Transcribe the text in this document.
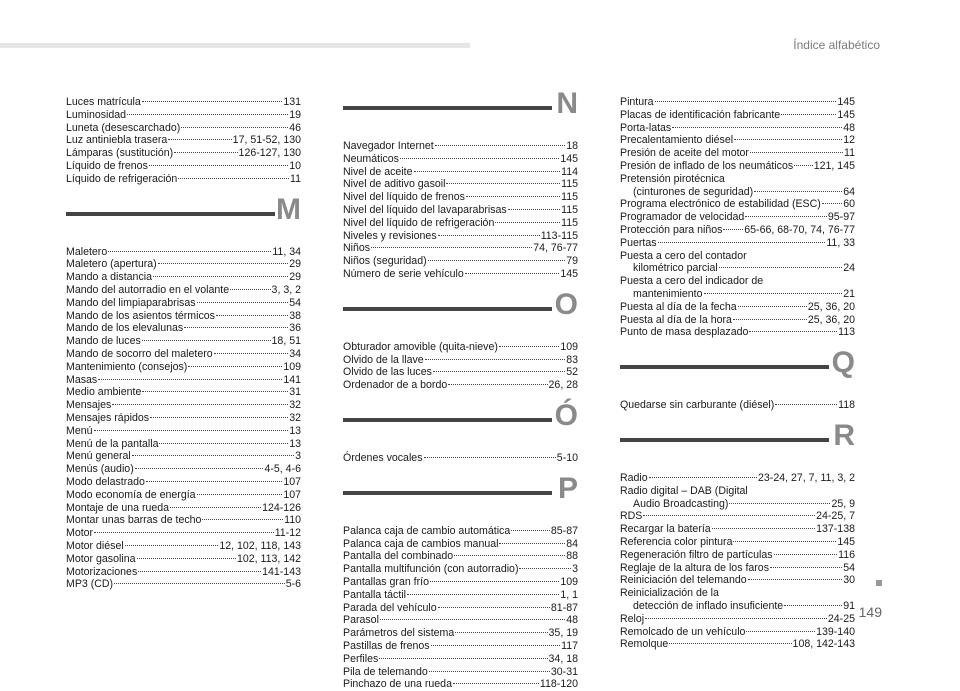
Índice alfabético
Luces matrícula	131
Luminosidad	19
Luneta (desescarchado)	46
Luz antiniebla trasera	17, 51-52, 130
Lámparas (sustitución)	126-127, 130
Líquido de frenos	10
Líquido de refrigeración	11
M
Maletero	11, 34
Maletero (apertura)	29
Mando a distancia	29
Mando del autorradio en el volante	3, 3, 2
Mando del limpiaparabrisas	54
Mando de los asientos térmicos	38
Mando de los elevalunas	36
Mando de luces	18, 51
Mando de socorro del maletero	34
Mantenimiento (consejos)	109
Masas	141
Medio ambiente	31
Mensajes	32
Mensajes rápidos	32
Menú	13
Menú de la pantalla	13
Menú general	3
Menús (audio)	4-5, 4-6
Modo delastrado	107
Modo economía de energía	107
Montaje de una rueda	124-126
Montar unas barras de techo	110
Motor	11-12
Motor diésel	12, 102, 118, 143
Motor gasolina	102, 113, 142
Motorizaciones	141-143
MP3 (CD)	5-6
N
Navegador Internet	18
Neumáticos	145
Nivel de aceite	114
Nivel de aditivo gasoil	115
Nivel del líquido de frenos	115
Nivel del líquido del lavaparabrisas	115
Nivel del líquido de refrigeración	115
Niveles y revisiones	113-115
Niños	74, 76-77
Niños (seguridad)	79
Número de serie vehículo	145
O
Obturador amovible (quita-nieve)	109
Olvido de la llave	83
Olvido de las luces	52
Ordenador de a bordo	26, 28
Ó
Órdenes vocales	5-10
P
Palanca caja de cambio automática	85-87
Palanca caja de cambios manual	84
Pantalla del combinado	88
Pantalla multifunción (con autorradio)	3
Pantallas gran frío	109
Pantalla táctil	1, 1
Parada del vehículo	81-87
Parasol	48
Parámetros del sistema	35, 19
Pastillas de frenos	117
Perfiles	34, 18
Pila de telemando	30-31
Pinchazo de una rueda	118-120
Pintura	145
Placas de identificación fabricante	145
Porta-latas	48
Precalentamiento diésel	12
Presión de aceite del motor	11
Presión de inflado de los neumáticos 121, 145
Pretensión pirotécnica
(cinturones de seguridad)	64
Programa electrónico de estabilidad (ESC) 60
Programador de velocidad	95-97
Protección para niños 65-66, 68-70, 74, 76-77
Puertas	11, 33
Puesta a cero del contador
kilométrico parcial	24
Puesta a cero del indicador de
mantenimiento	21
Puesta al día de la fecha	25, 36, 20
Puesta al día de la hora	25, 36, 20
Punto de masa desplazado	113
Q
Quedarse sin carburante (diésel)	118
R
Radio	23-24, 27, 7, 11, 3, 2
Radio digital – DAB (Digital
Audio Broadcasting)	25, 9
RDS	24-25, 7
Recargar la batería	137-138
Referencia color pintura	145
Regeneración filtro de partículas	116
Reglaje de la altura de los faros	54
Reiniciación del telemando	30
Reinicialización de la
detección de inflado insuficiente	91
Reloj	24-25
Remolcado de un vehículo	139-140
Remolque	108, 142-143
149
